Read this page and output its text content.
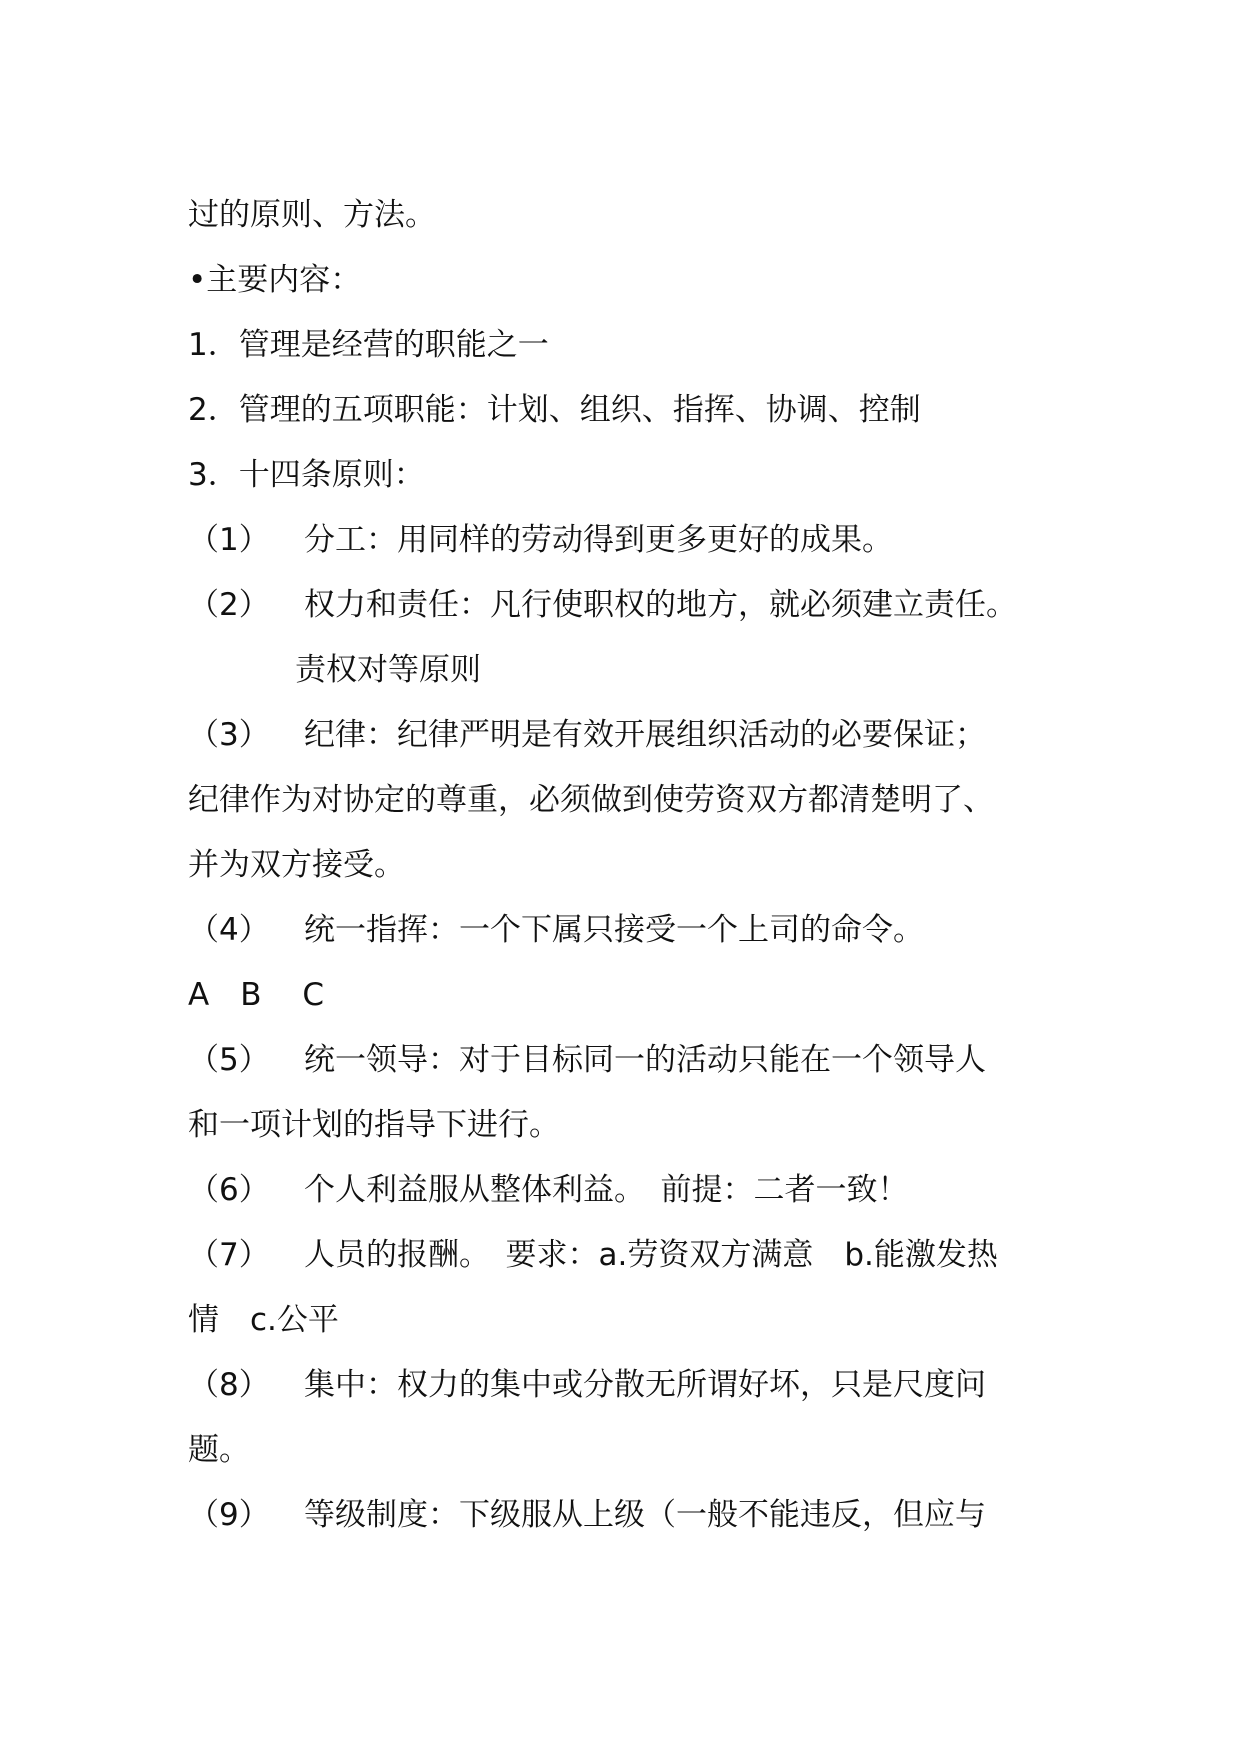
过的原则、方法。
•主要内容：
1．管理是经营的职能之一
2．管理的五项职能：计划、组织、指挥、协调、控制
3．十四条原则：
（1） 分工：用同样的劳动得到更多更好的成果。
（2） 权力和责任：凡行使职权的地方，就必须建立责任。
责权对等原则
（3） 纪律：纪律严明是有效开展组织活动的必要保证；
纪律作为对协定的尊重，必须做到使劳资双方都清楚明了、
并为双方接受。
（4） 统一指挥：一个下属只接受一个上司的命令。
A　B　 C
（5） 统一领导：对于目标同一的活动只能在一个领导人
和一项计划的指导下进行。
（6） 个人利益服从整体利益。　前提：二者一致！
（7） 人员的报酬。　要求：a.劳资双方满意　b.能激发热
情　c.公平
（8） 集中：权力的集中或分散无所谓好坏，只是尺度问
题。
（9） 等级制度：下级服从上级（一般不能违反，但应与
